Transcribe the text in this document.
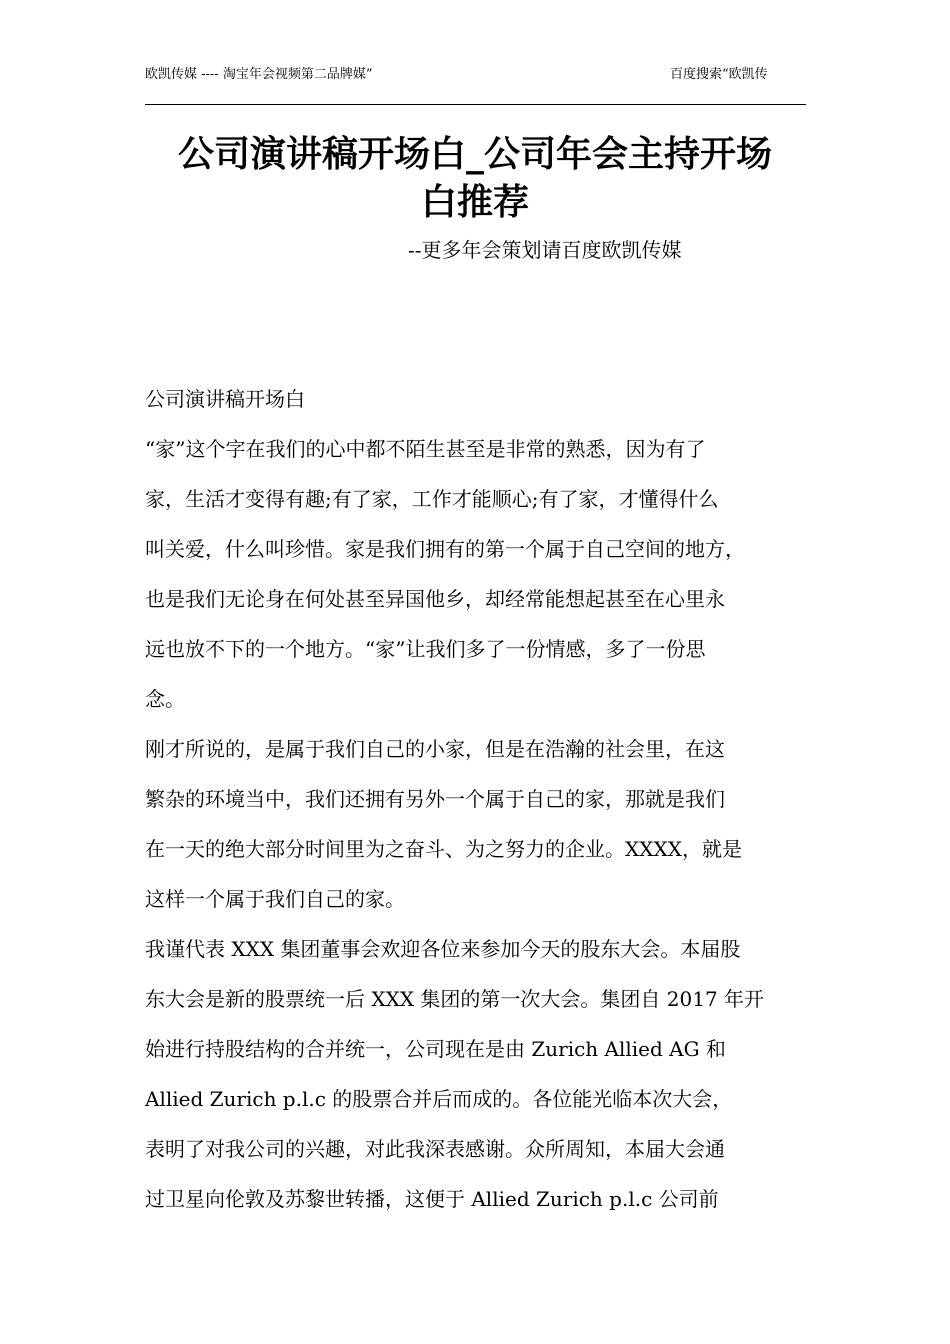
欧凯传媒 ---- 淘宝年会视频第二品牌媒”	百度搜索“欧凯传
公司演讲稿开场白_公司年会主持开场
白推荐
--更多年会策划请百度欧凯传媒
公司演讲稿开场白
“家”这个字在我们的心中都不陌生甚至是非常的熟悉，因为有了
家，生活才变得有趣;有了家，工作才能顺心;有了家，才懂得什么
叫关爱，什么叫珍惜。家是我们拥有的第一个属于自己空间的地方，
也是我们无论身在何处甚至异国他乡，却经常能想起甚至在心里永
远也放不下的一个地方。“家”让我们多了一份情感，多了一份思
念。
刚才所说的，是属于我们自己的小家，但是在浩瀚的社会里，在这
繁杂的环境当中，我们还拥有另外一个属于自己的家，那就是我们
在一天的绝大部分时间里为之奋斗、为之努力的企业。XXXX，就是
这样一个属于我们自己的家。
我谨代表 XXX 集团董事会欢迎各位来参加今天的股东大会。本届股
东大会是新的股票统一后 XXX 集团的第一次大会。集团自 2017 年开
始进行持股结构的合并统一，公司现在是由 Zurich Allied AG 和
Allied Zurich p.l.c 的股票合并后而成的。各位能光临本次大会，
表明了对我公司的兴趣，对此我深表感谢。众所周知，本届大会通
过卫星向伦敦及苏黎世转播，这便于 Allied Zurich p.l.c 公司前
